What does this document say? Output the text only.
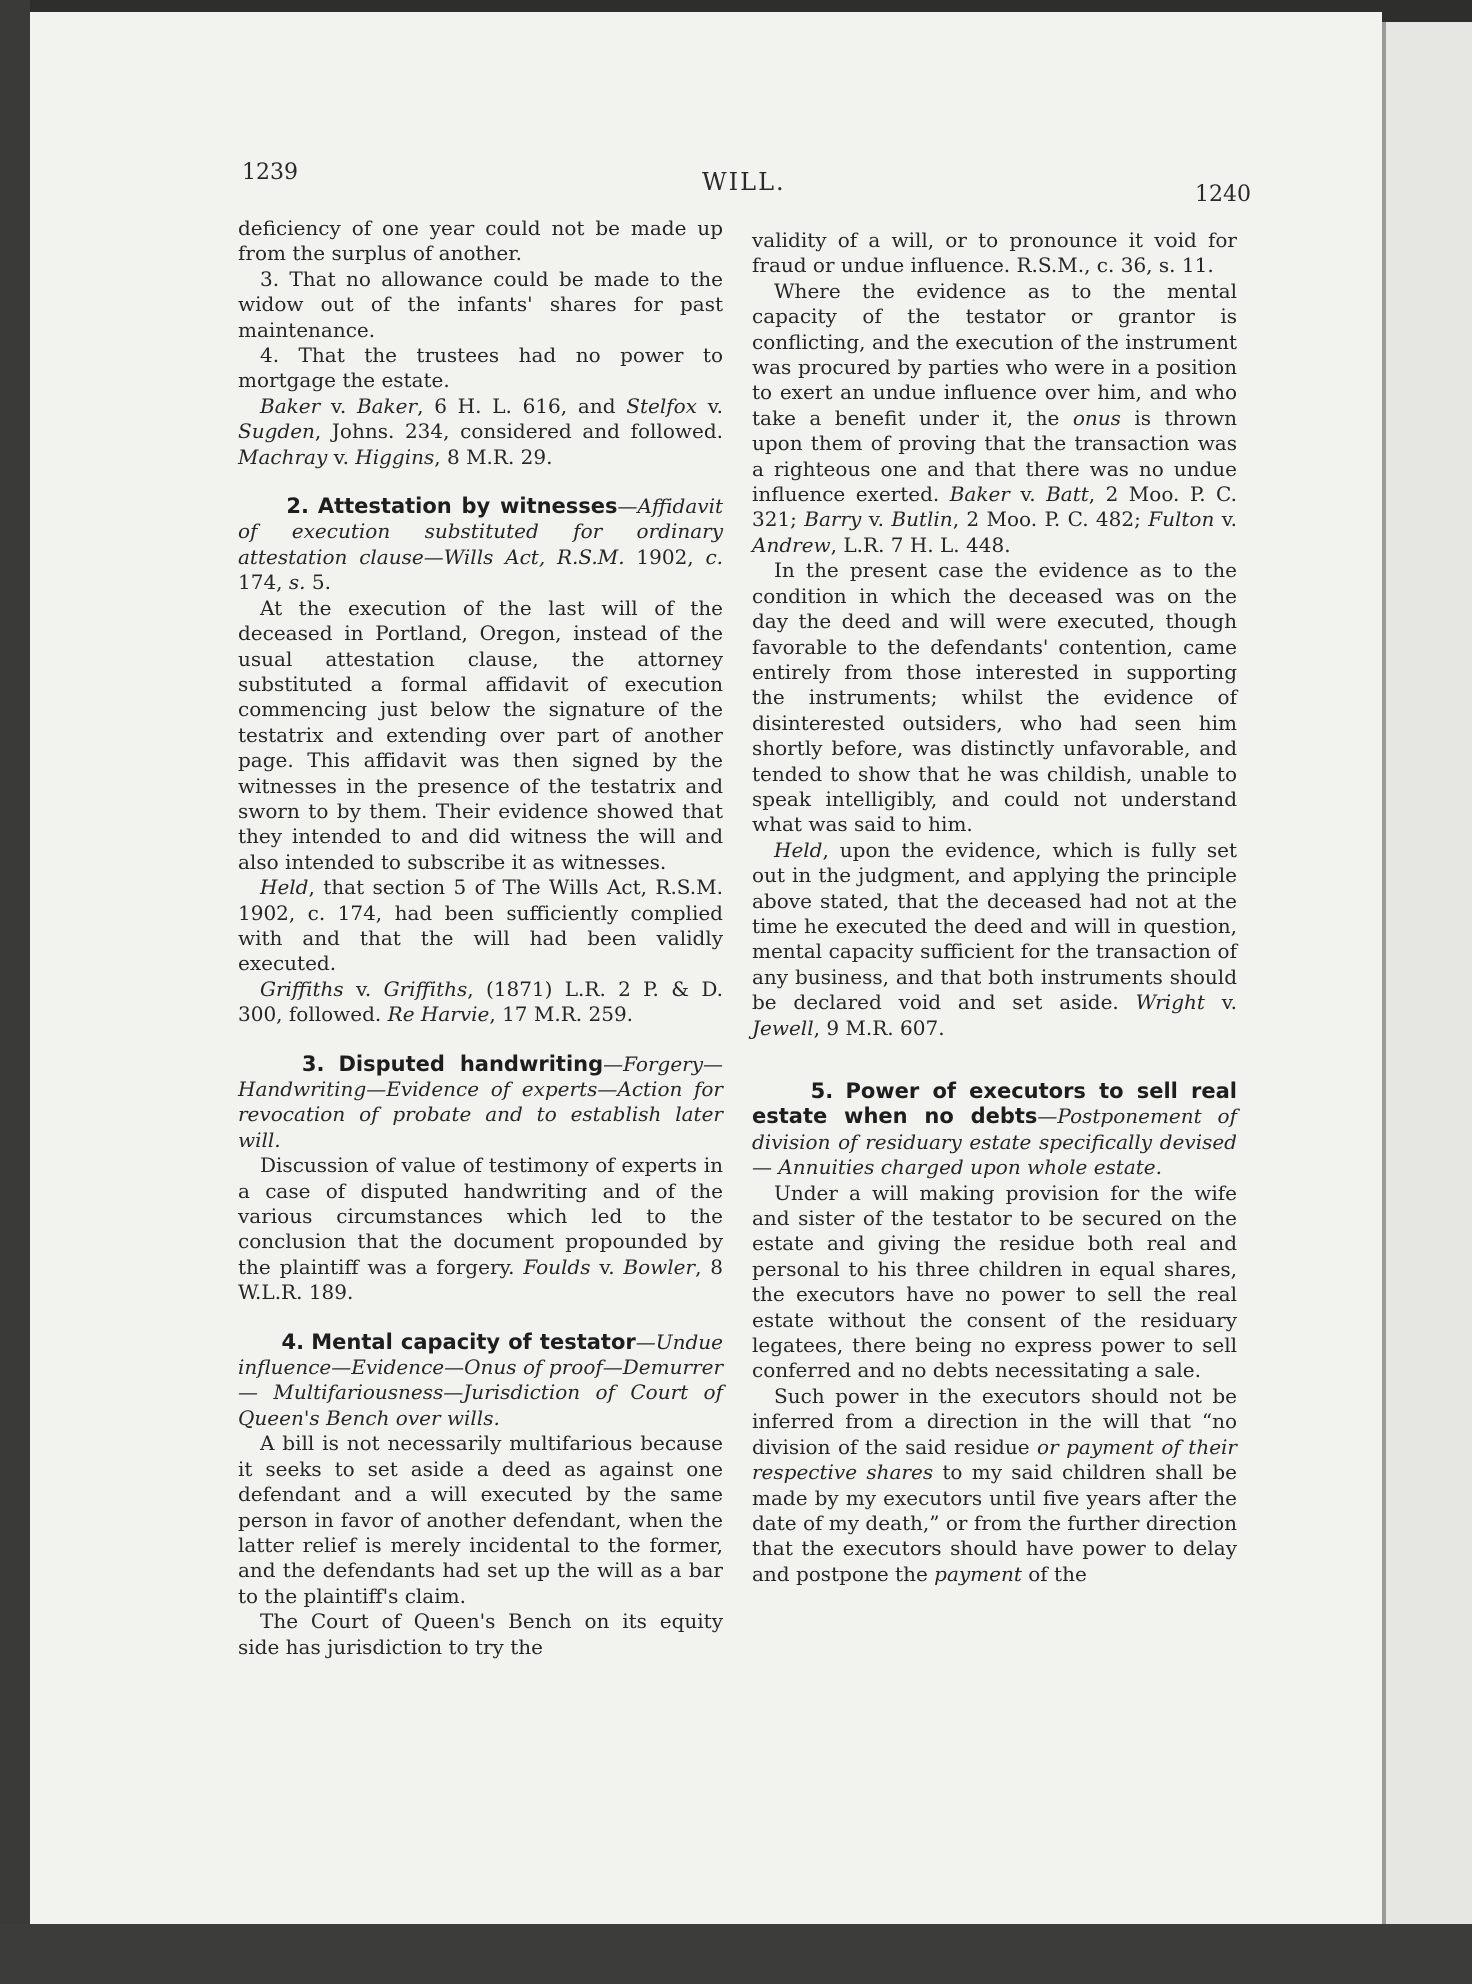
1239	WILL.	1240

deficiency of one year could not be made up from the surplus of another.

3. That no allowance could be made to the widow out of the infants' shares for past maintenance.

4. That the trustees had no power to mortgage the estate.

Baker v. Baker, 6 H. L. 616, and Stelfox v. Sugden, Johns. 234, considered and followed. Machray v. Higgins, 8 M.R. 29.

2. Attestation by witnesses—Affidavit of execution substituted for ordinary attestation clause—Wills Act, R.S.M. 1902, c. 174, s. 5.

At the execution of the last will of the deceased in Portland, Oregon, instead of the usual attestation clause, the attorney substituted a formal affidavit of execution commencing just below the signature of the testatrix and extending over part of another page. This affidavit was then signed by the witnesses in the presence of the testatrix and sworn to by them. Their evidence showed that they intended to and did witness the will and also intended to subscribe it as witnesses.

Held, that section 5 of The Wills Act, R.S.M. 1902, c. 174, had been sufficiently complied with and that the will had been validly executed.

Griffiths v. Griffiths, (1871) L.R. 2 P. & D. 300, followed. Re Harvie, 17 M.R. 259.

3. Disputed handwriting—Forgery—Handwriting—Evidence of experts—Action for revocation of probate and to establish later will.

Discussion of value of testimony of experts in a case of disputed handwriting and of the various circumstances which led to the conclusion that the document propounded by the plaintiff was a forgery. Foulds v. Bowler, 8 W.L.R. 189.

4. Mental capacity of testator—Undue influence—Evidence—Onus of proof—Demurrer — Multifariousness—Jurisdiction of Court of Queen's Bench over wills.

A bill is not necessarily multifarious because it seeks to set aside a deed as against one defendant and a will executed by the same person in favor of another defendant, when the latter relief is merely incidental to the former, and the defendants had set up the will as a bar to the plaintiff's claim.

The Court of Queen's Bench on its equity side has jurisdiction to try the

validity of a will, or to pronounce it void for fraud or undue influence. R.S.M., c. 36, s. 11.

Where the evidence as to the mental capacity of the testator or grantor is conflicting, and the execution of the instrument was procured by parties who were in a position to exert an undue influence over him, and who take a benefit under it, the onus is thrown upon them of proving that the transaction was a righteous one and that there was no undue influence exerted. Baker v. Batt, 2 Moo. P. C. 321; Barry v. Butlin, 2 Moo. P. C. 482; Fulton v. Andrew, L.R. 7 H. L. 448.

In the present case the evidence as to the condition in which the deceased was on the day the deed and will were executed, though favorable to the defendants' contention, came entirely from those interested in supporting the instruments; whilst the evidence of disinterested outsiders, who had seen him shortly before, was distinctly unfavorable, and tended to show that he was childish, unable to speak intelligibly, and could not understand what was said to him.

Held, upon the evidence, which is fully set out in the judgment, and applying the principle above stated, that the deceased had not at the time he executed the deed and will in question, mental capacity sufficient for the transaction of any business, and that both instruments should be declared void and set aside. Wright v. Jewell, 9 M.R. 607.

5. Power of executors to sell real estate when no debts—Postponement of division of residuary estate specifically devised — Annuities charged upon whole estate.

Under a will making provision for the wife and sister of the testator to be secured on the estate and giving the residue both real and personal to his three children in equal shares, the executors have no power to sell the real estate without the consent of the residuary legatees, there being no express power to sell conferred and no debts necessitating a sale.

Such power in the executors should not be inferred from a direction in the will that “no division of the said residue or payment of their respective shares to my said children shall be made by my executors until five years after the date of my death,” or from the further direction that the executors should have power to delay and postpone the payment of the
